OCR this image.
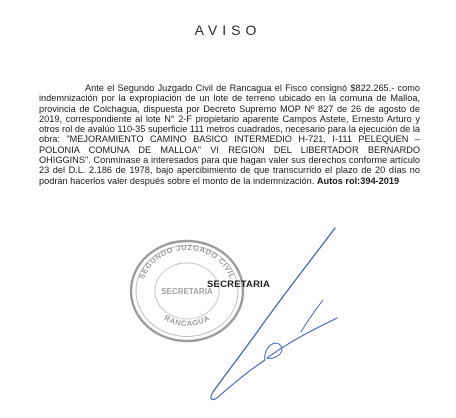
AVISO

Ante el Segundo Juzgado Civil de Rancagua el Fisco consignó $822.265.- como indemnización por la expropiación de un lote de terreno ubicado en la comuna de Malloa, provincia de Colchagua, dispuesta por Decreto Supremo MOP Nº 827 de 26 de agosto de 2019, correspondiente al lote N° 2-F propietario aparente Campos Astete, Ernesto Arturo y otros rol de avalúo 110-35 superficie 111 metros cuadrados, necesario para la ejecución de la obra: "MEJORAMIENTO CAMINO BASICO INTERMEDIO H-721, I-111 PELEQUEN – POLONIA COMUNA DE MALLOA" VI REGION DEL LIBERTADOR BERNARDO OHIGGINS". Conmínase a interesados para que hagan valer sus derechos conforme artículo 23 del D.L. 2.186 de 1978, bajo apercibimiento de que transcurrido el plazo de 20 días no podrán hacerlos valer después sobre el monto de la indemnización. Autos rol:394-2019

SEGUNDO JUZGADO CIVIL
SECRETARIA
RANCAGUA
SECRETARIA
